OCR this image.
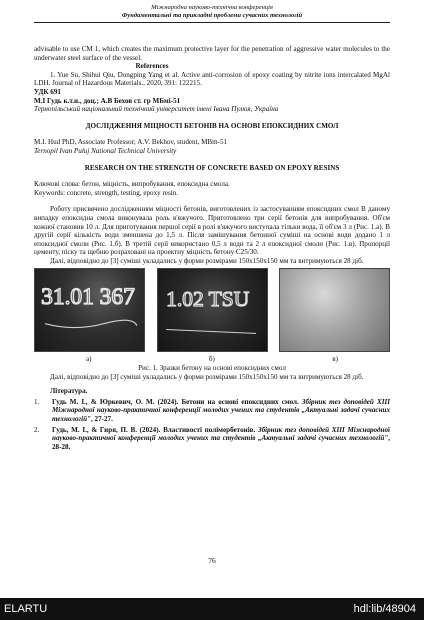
Міжнародна науково-технічна конференція
Фундаментальні та прикладні проблеми сучасних технологій

advisable to use CM 1, which creates the maximum protective layer for the penetration of aggressive water molecules to the underwater steel surface of the vessel.

References

1. Yue Su, Shihui Qiu, Dongping Yang et al. Active anti-corrosion of epoxy coating by nitrite ions intercalated MgAl LDH. Journal of Hazardous Materials., 2020, 391: 122215.

УДК 691

М.І Гудь к.т.н., доц.; А.В Бехов ст. гр МБмі-51

Тернопільський національний технічний університет імені Івана Пулюя, Україна

ДОСЛІДЖЕННЯ МІЦНОСТІ БЕТОНІВ НА ОСНОВІ ЕПОКСИДНИХ СМОЛ

M.I. Hud PhD, Associate Professor; A.V. Bekhov, student, MBm-51

Ternopil Ivan Puluj National Technical University

RESEARCH ON THE STRENGTH OF CONCRETE BASED ON EPOXY RESINS

Ключові слова: бетон, міцність, випробування, епоксидна смола.

Keywords: concrete, strength, testing, epoxy resin.

Роботу присвячено дослідженням міцності бетонів, виготовлених із застосуванням епоксидних смол В даному випадку епоксидна смола виконувала роль в'яжучого. Приготовлено три серії бетонів для випробування. Об'єм кожної становив 10 л. Для приготування першої серії в ролі в'яжучого виступала тільки вода, її об'єм 3 л (Рис. 1.а). В другій серії кількість води зменшена до 1,5 л. Після замішування бетонної суміші на основі води додано 1 л епоксидної смоли (Рис. 1.б). В третій серії використано 0,5 л води та 2 л епоксидної смоли (Рис. 1.в). Пропорції цементу, піску та щебню розраховані на проектну міцність бетону С25/30.

Далі, відповідно до [3] суміші укладались у форми розмірами 150x150x150 мм та витримуються 28 діб.

31.01 367 1.02 TSU
а)	б)	в)

Рис. 1. Зразки бетону на основі епоксидних смол

Далі, відповідно до [3] суміші укладались у форми розмірами 150x150x150 мм та витримуються 28 діб.

Література.

1.	Гудь М. І., & Юркевич, О. М. (2024). Бетони на основі епоксидних смол. Збірник тез доповідей XIII Міжнародної науково-практичної конференції молодих учених та студентів „Актуальні задачі сучасних технологій", 27-27.
2.	Гудь, М. І., & Гиря, П. В. (2024). Властивості полімербетонів. Збірник тез доповідей XIII Міжнародної науково-практичної конференції молодих учених та студентів „Актуальні задачі сучасних технологій", 28-28.
76
ELARTU	hdl:lib/48904
